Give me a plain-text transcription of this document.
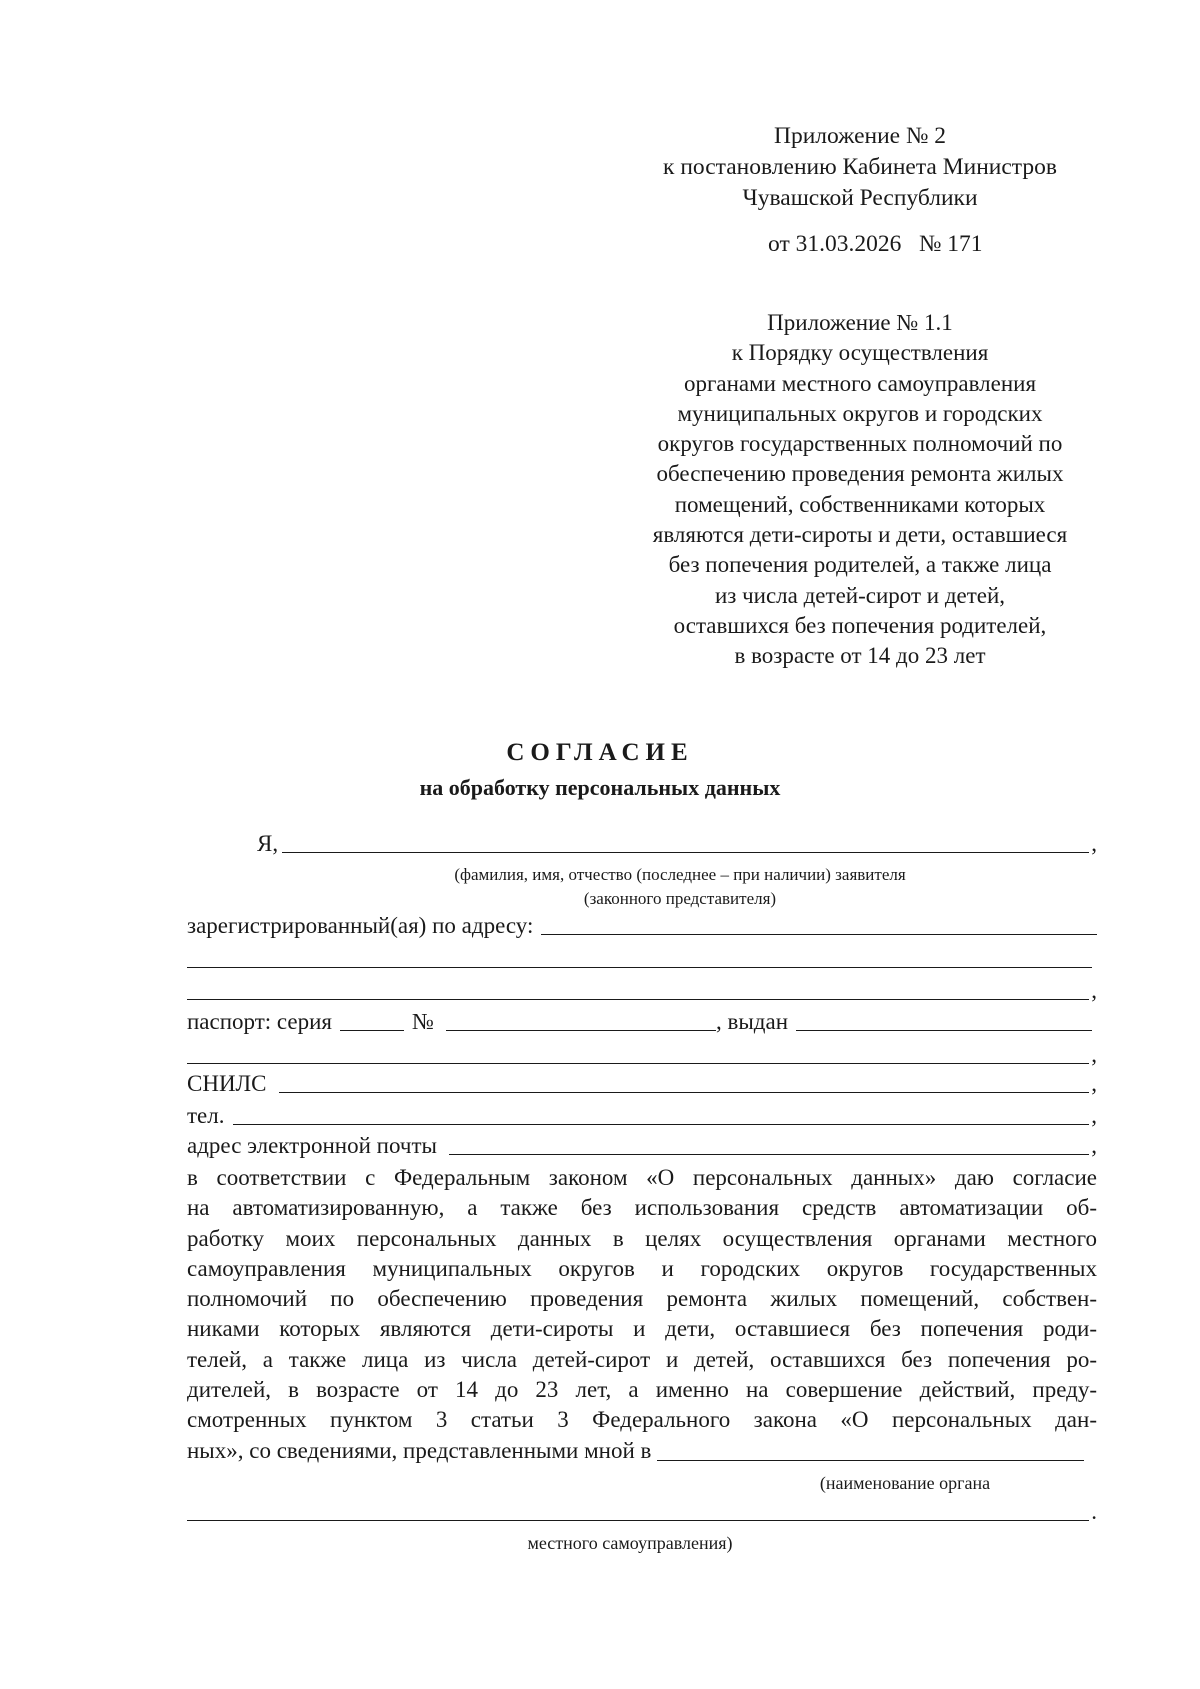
Приложение № 2
к постановлению Кабинета Министров
Чувашской Республики
от 31.03.2026   № 171
Приложение № 1.1
к Порядку осуществления
органами местного самоуправления
муниципальных округов и городских
округов государственных полномочий по
обеспечению проведения ремонта жилых
помещений, собственниками которых
являются дети-сироты и дети, оставшиеся
без попечения родителей, а также лица
из числа детей-сирот и детей,
оставшихся без попечения родителей,
в возрасте от 14 до 23 лет
СОГЛАСИЕ
на обработку персональных данных
Я,	,
(фамилия, имя, отчество (последнее – при наличии) заявителя
(законного представителя)
зарегистрированный(ая) по адресу:
,
паспорт: серия	№	, выдан
,
СНИЛС	,
тел.	,
адрес электронной почты	,
в соответствии с Федеральным законом «О персональных данных» даю согласие
на автоматизированную, а также без использования средств автоматизации об-
работку моих персональных данных в целях осуществления органами местного
самоуправления муниципальных округов и городских округов государственных
полномочий по обеспечению проведения ремонта жилых помещений, собствен-
никами которых являются дети-сироты и дети, оставшиеся без попечения роди-
телей, а также лица из числа детей-сирот и детей, оставшихся без попечения ро-
дителей, в возрасте от 14 до 23 лет, а именно на совершение действий, преду-
смотренных пунктом 3 статьи 3 Федерального закона «О персональных дан-
ных», со сведениями, представленными мной в
(наименование органа
.
местного самоуправления)
